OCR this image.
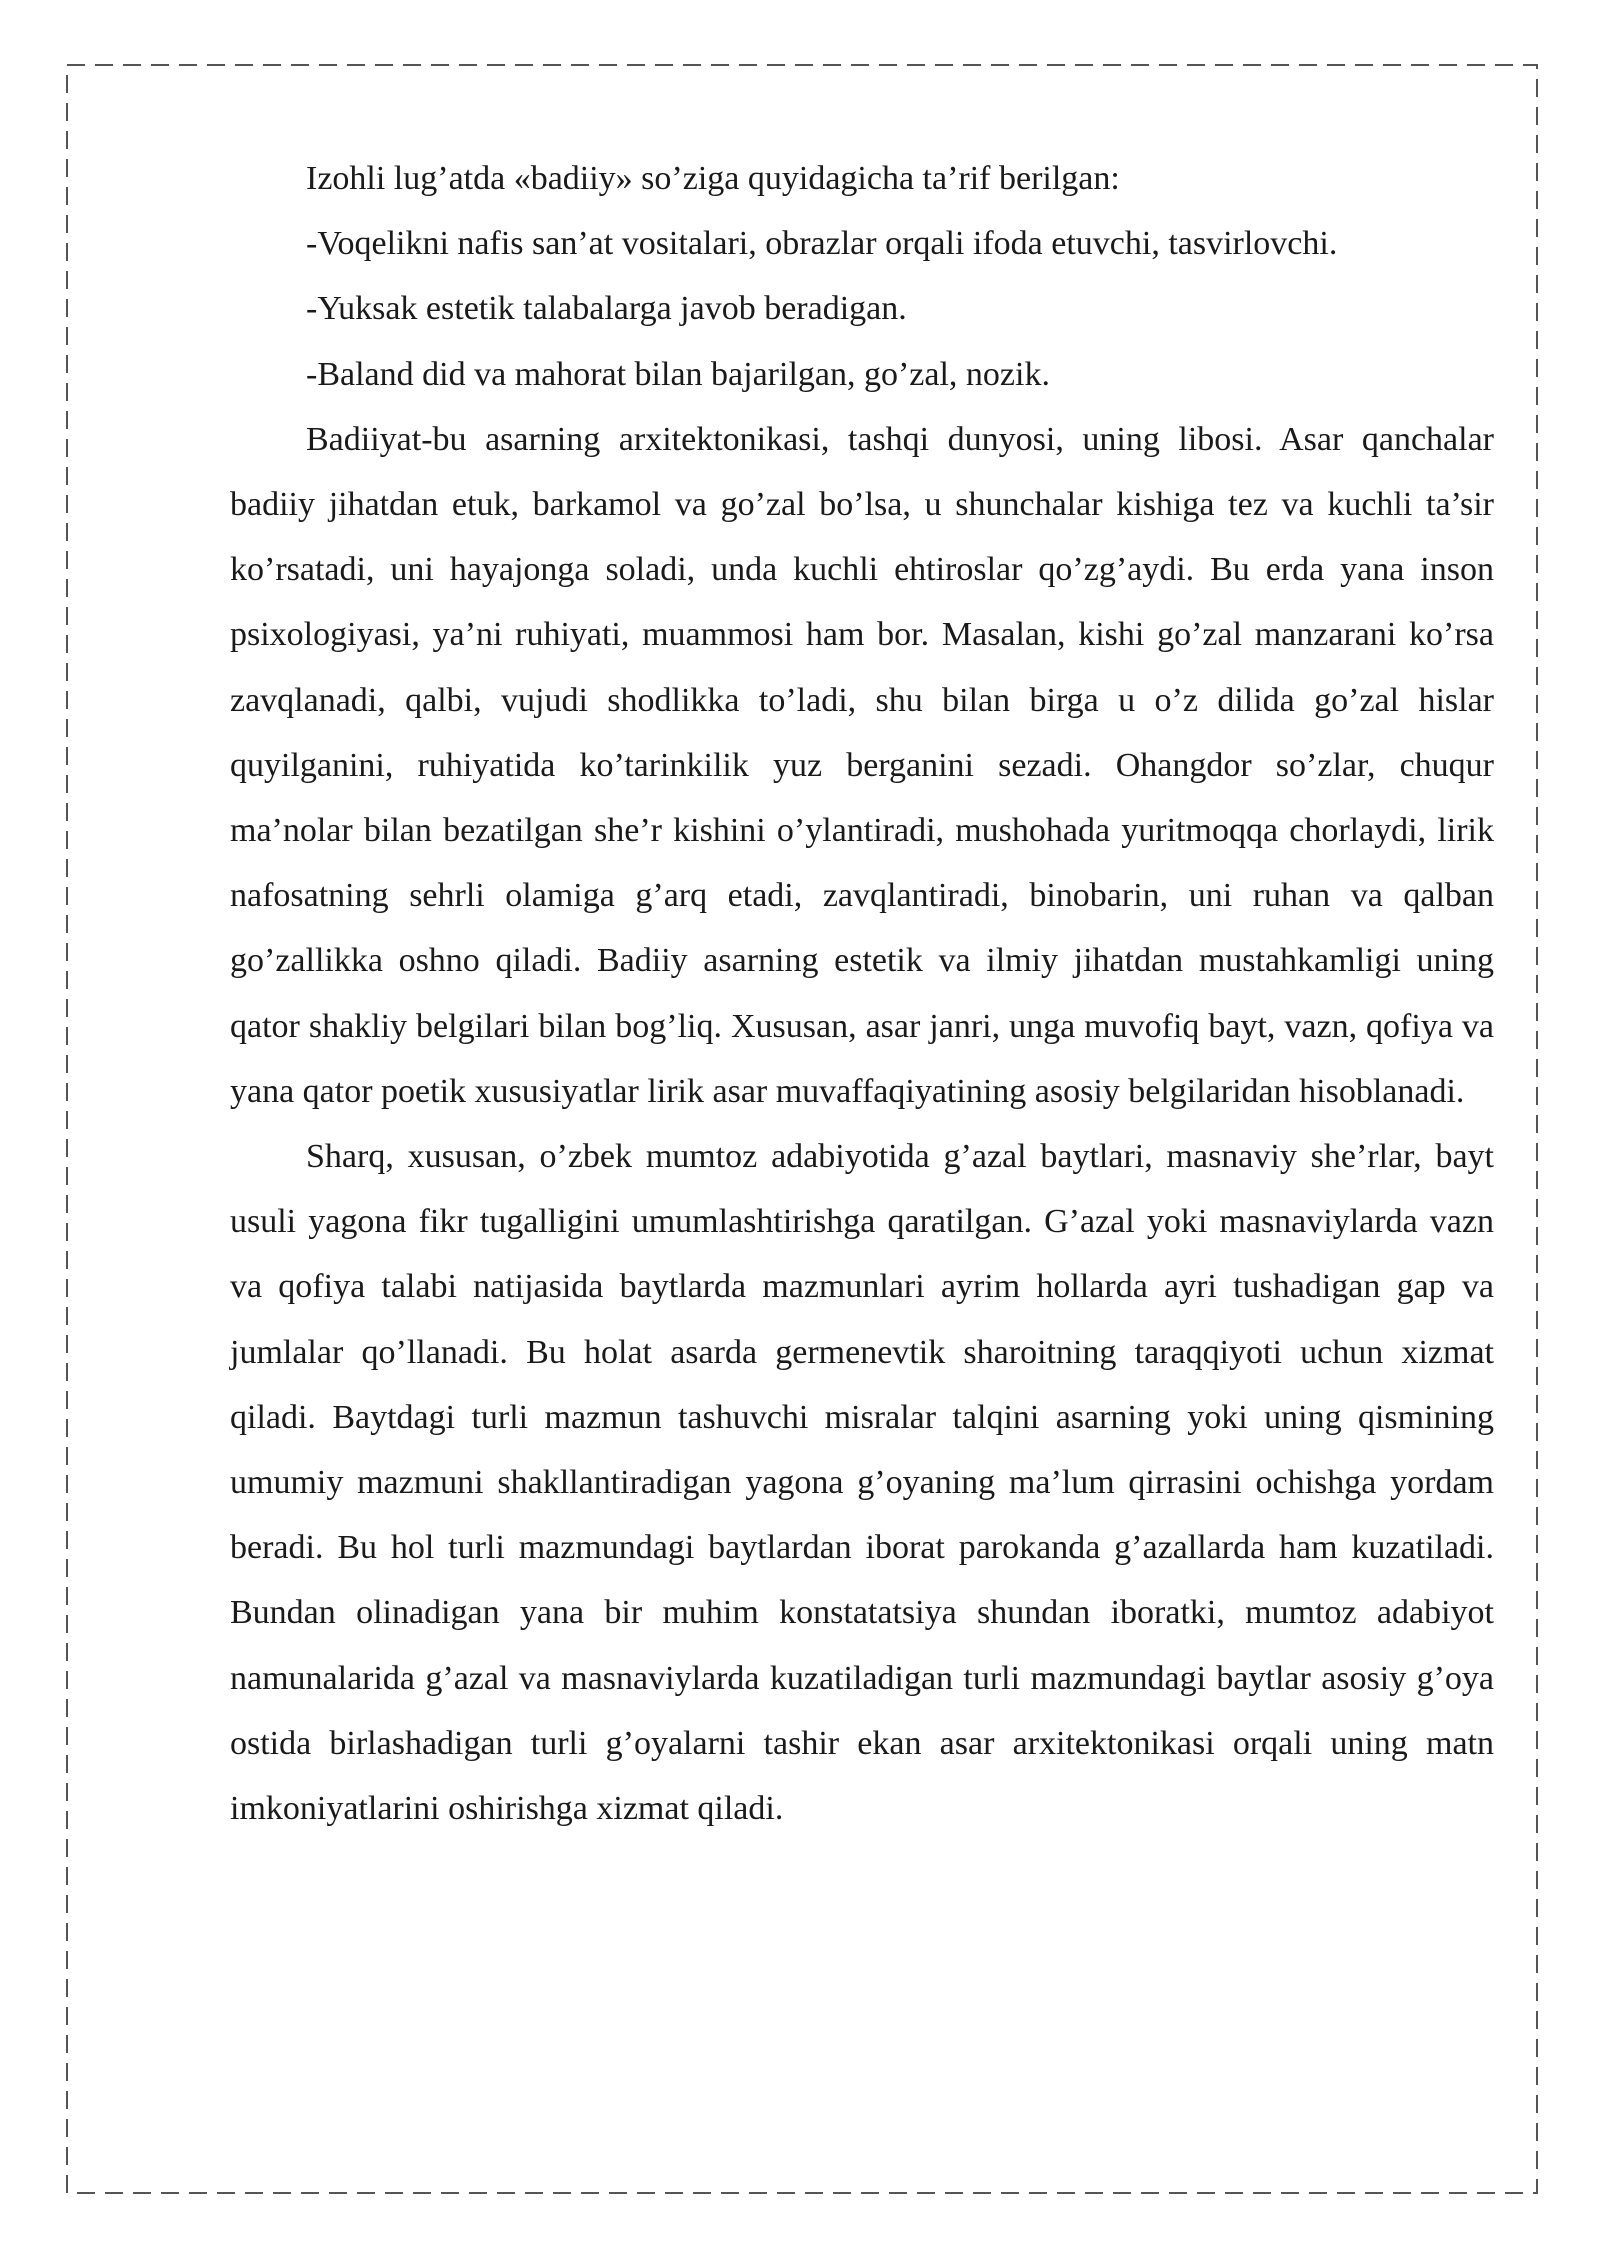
Izohli lug’atda «badiiy» so’ziga quyidagicha ta’rif berilgan:

-Voqelikni nafis san’at vositalari, obrazlar orqali ifoda etuvchi, tasvirlovchi.

-Yuksak estetik talabalarga javob beradigan.

-Baland did va mahorat bilan bajarilgan, go’zal, nozik.

Badiiyat-bu asarning arxitektonikasi, tashqi dunyosi, uning libosi. Asar qanchalar badiiy jihatdan etuk, barkamol va go’zal bo’lsa, u shunchalar kishiga tez va kuchli ta’sir ko’rsatadi, uni hayajonga soladi, unda kuchli ehtiroslar qo’zg’aydi. Bu erda yana inson psixologiyasi, ya’ni ruhiyati, muammosi ham bor. Masalan, kishi go’zal manzarani ko’rsa zavqlanadi, qalbi, vujudi shodlikka to’ladi, shu bilan birga u o’z dilida go’zal hislar quyilganini, ruhiyatida ko’tarinkilik yuz berganini sezadi. Ohangdor so’zlar, chuqur ma’nolar bilan bezatilgan she’r kishini o’ylantiradi, mushohada yuritmoqqa chorlaydi, lirik nafosatning sehrli olamiga g’arq etadi, zavqlantiradi, binobarin, uni ruhan va qalban go’zallikka oshno qiladi. Badiiy asarning estetik va ilmiy jihatdan mustahkamligi uning qator shakliy belgilari bilan bog’liq. Xususan, asar janri, unga muvofiq bayt, vazn, qofiya va yana qator poetik xususiyatlar lirik asar muvaffaqiyatining asosiy belgilaridan hisoblanadi.

Sharq, xususan, o’zbek mumtoz adabiyotida g’azal baytlari, masnaviy she’rlar, bayt usuli yagona fikr tugalligini umumlashtirishga qaratilgan. G’azal yoki masnaviylarda vazn va qofiya talabi natijasida baytlarda mazmunlari ayrim hollarda ayri tushadigan gap va jumlalar qo’llanadi. Bu holat asarda germenevtik sharoitning taraqqiyoti uchun xizmat qiladi. Baytdagi turli mazmun tashuvchi misralar talqini asarning yoki uning qismining umumiy mazmuni shakllantiradigan yagona g’oyaning ma’lum qirrasini ochishga yordam beradi. Bu hol turli mazmundagi baytlardan iborat parokanda g’azallarda ham kuzatiladi. Bundan olinadigan yana bir muhim konstatatsiya shundan iboratki, mumtoz adabiyot namunalarida g’azal va masnaviylarda kuzatiladigan turli mazmundagi baytlar asosiy g’oya ostida birlashadigan turli g’oyalarni tashir ekan asar arxitektonikasi orqali uning matn imkoniyatlarini oshirishga xizmat qiladi.
